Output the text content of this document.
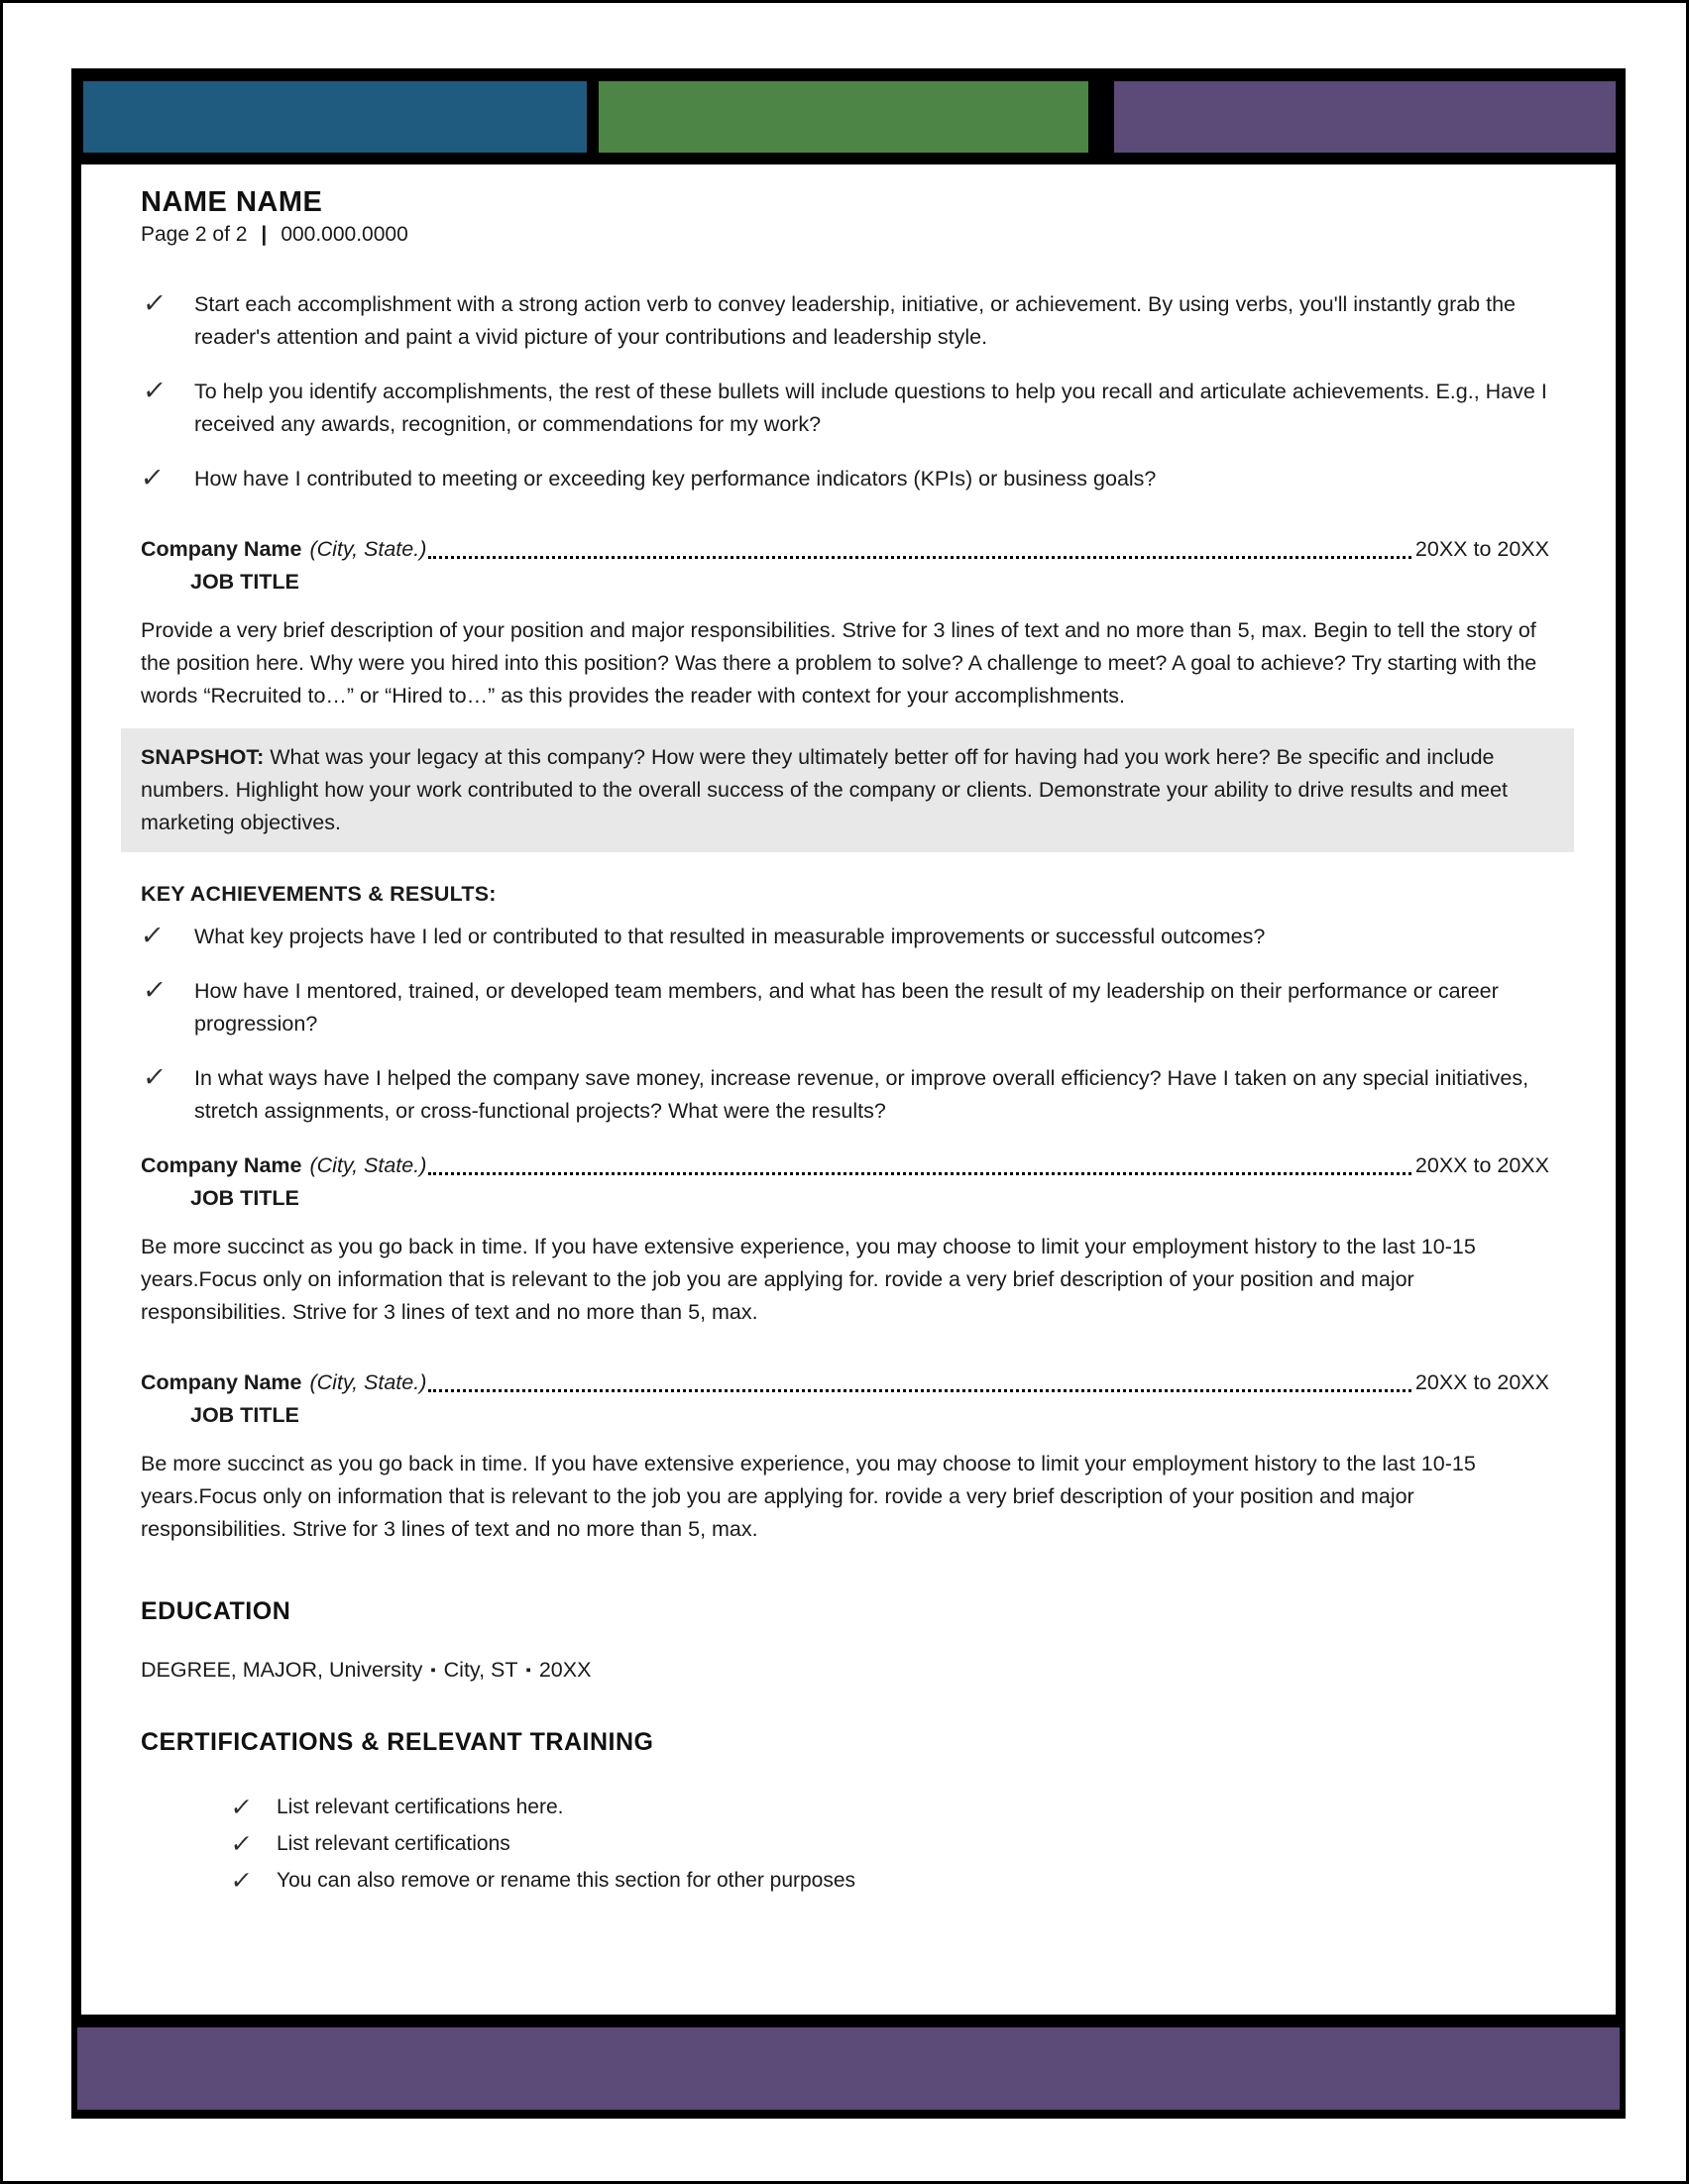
NAME NAME
Page 2 of 2 | 000.000.0000
✓	Start each accomplishment with a strong action verb to convey leadership, initiative, or achievement. By using verbs, you'll instantly grab the reader's attention and paint a vivid picture of your contributions and leadership style.
✓	To help you identify accomplishments, the rest of these bullets will include questions to help you recall and articulate achievements. E.g., Have I received any awards, recognition, or commendations for my work?
✓	How have I contributed to meeting or exceeding key performance indicators (KPIs) or business goals?
Company Name (City, State.)	20XX to 20XX
JOB TITLE
Provide a very brief description of your position and major responsibilities. Strive for 3 lines of text and no more than 5, max. Begin to tell the story of the position here. Why were you hired into this position? Was there a problem to solve? A challenge to meet? A goal to achieve? Try starting with the words “Recruited to…” or “Hired to…” as this provides the reader with context for your accomplishments.
SNAPSHOT: What was your legacy at this company? How were they ultimately better off for having had you work here? Be specific and include numbers. Highlight how your work contributed to the overall success of the company or clients. Demonstrate your ability to drive results and meet marketing objectives.
KEY ACHIEVEMENTS & RESULTS:
✓	What key projects have I led or contributed to that resulted in measurable improvements or successful outcomes?
✓	How have I mentored, trained, or developed team members, and what has been the result of my leadership on their performance or career progression?
✓	In what ways have I helped the company save money, increase revenue, or improve overall efficiency? Have I taken on any special initiatives, stretch assignments, or cross-functional projects? What were the results?
Company Name (City, State.)	20XX to 20XX
JOB TITLE
Be more succinct as you go back in time. If you have extensive experience, you may choose to limit your employment history to the last 10-15 years.Focus only on information that is relevant to the job you are applying for. rovide a very brief description of your position and major responsibilities. Strive for 3 lines of text and no more than 5, max.
Company Name (City, State.)	20XX to 20XX
JOB TITLE
Be more succinct as you go back in time. If you have extensive experience, you may choose to limit your employment history to the last 10-15 years.Focus only on information that is relevant to the job you are applying for. rovide a very brief description of your position and major responsibilities. Strive for 3 lines of text and no more than 5, max.
EDUCATION
DEGREE, MAJOR, University ▪ City, ST ▪ 20XX
CERTIFICATIONS & RELEVANT TRAINING
✓	List relevant certifications here.
✓	List relevant certifications
✓	You can also remove or rename this section for other purposes
